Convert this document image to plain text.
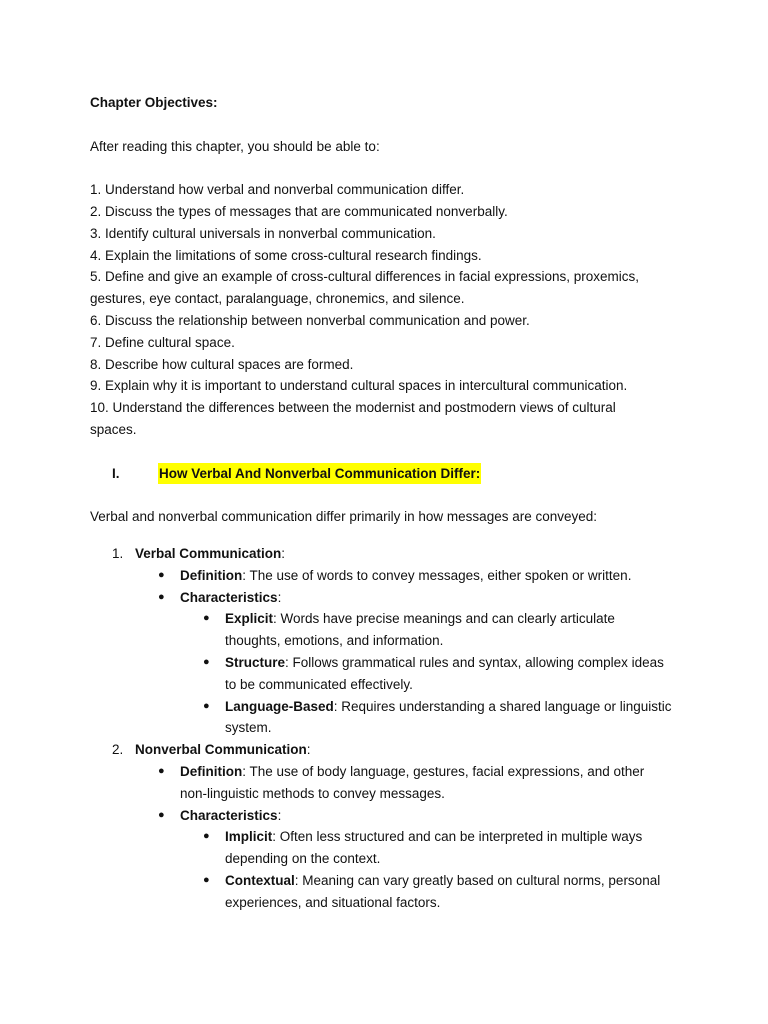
Chapter Objectives:
After reading this chapter, you should be able to:
1. Understand how verbal and nonverbal communication differ.
2. Discuss the types of messages that are communicated nonverbally.
3. Identify cultural universals in nonverbal communication.
4. Explain the limitations of some cross-cultural research findings.
5. Define and give an example of cross-cultural differences in facial expressions, proxemics,
gestures, eye contact, paralanguage, chronemics, and silence.
6. Discuss the relationship between nonverbal communication and power.
7. Define cultural space.
8. Describe how cultural spaces are formed.
9. Explain why it is important to understand cultural spaces in intercultural communication.
10. Understand the differences between the modernist and postmodern views of cultural
spaces.
I.	How Verbal And Nonverbal Communication Differ:
Verbal and nonverbal communication differ primarily in how messages are conveyed:
1. Verbal Communication:
● Definition: The use of words to convey messages, either spoken or written.
● Characteristics:
● Explicit: Words have precise meanings and can clearly articulate
thoughts, emotions, and information.
● Structure: Follows grammatical rules and syntax, allowing complex ideas
to be communicated effectively.
● Language-Based: Requires understanding a shared language or linguistic
system.
2. Nonverbal Communication:
● Definition: The use of body language, gestures, facial expressions, and other
non-linguistic methods to convey messages.
● Characteristics:
● Implicit: Often less structured and can be interpreted in multiple ways
depending on the context.
● Contextual: Meaning can vary greatly based on cultural norms, personal
experiences, and situational factors.
